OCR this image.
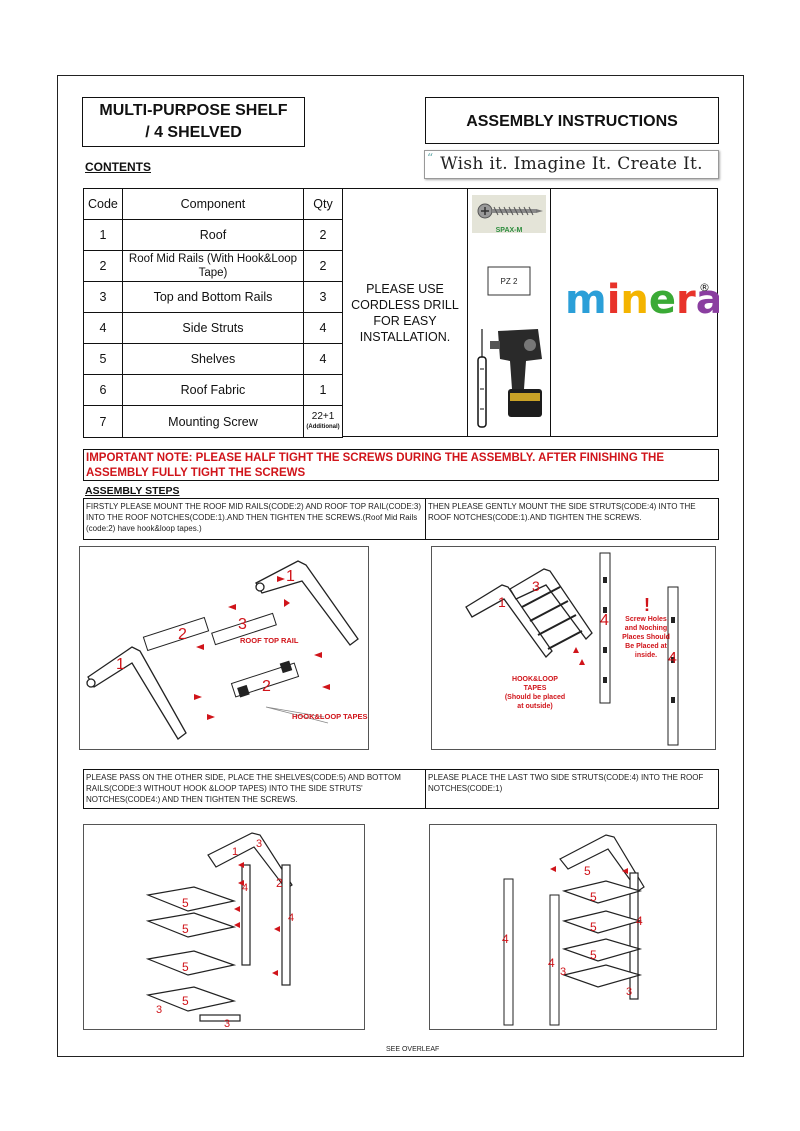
MULTI-PURPOSE SHELF
/ 4 SHELVED
ASSEMBLY INSTRUCTIONS
CONTENTS
“ Wish it. Imagine It. Create It.
Code	Component	Qty
1	Roof	2
2	Roof Mid Rails (With Hook&Loop Tape)	2
3	Top and Bottom Rails	3
4	Side Struts	4
5	Shelves	4
6	Roof Fabric	1
7	Mounting Screw	22+1
(Additional)
PLEASE USE CORDLESS DRILL FOR EASY INSTALLATION.
SPAX-M
PZ 2 minera
®
IMPORTANT NOTE: PLEASE HALF TIGHT THE SCREWS DURING THE ASSEMBLY. AFTER FINISHING THE ASSEMBLY FULLY TIGHT THE SCREWS
ASSEMBLY STEPS
FIRSTLY PLEASE MOUNT THE ROOF MID RAILS(CODE:2) AND ROOF TOP RAIL(CODE:3) INTO THE ROOF NOTCHES(CODE:1).AND THEN TIGHTEN THE SCREWS.(Roof Mid Rails (code:2) have hook&loop tapes.)
THEN PLEASE GENTLY MOUNT THE SIDE STRUTS(CODE:4) INTO THE ROOF NOTCHES(CODE:1).AND TIGHTEN THE SCREWS.
1
1
2
2
3
ROOF TOP RAIL
HOOK&LOOP TAPES
1
3
4
4
!
Screw Holes and Noching Places Should Be Placed at inside.
HOOK&LOOP TAPES
(Should be placed at outside)
PLEASE PASS ON THE OTHER SIDE, PLACE THE SHELVES(CODE:5) AND BOTTOM RAILS(CODE:3 WITHOUT HOOK &LOOP TAPES) INTO THE SIDE STRUTS' NOTCHES(CODE4:) AND THEN TIGHTEN THE SCREWS.
PLEASE PLACE THE LAST TWO SIDE STRUTS(CODE:4) INTO THE ROOF NOTCHES(CODE:1)
1
3
2
4
4
5
5
5
5
3
3
4
4
4
5
5
5
5
3
3
SEE OVERLEAF
